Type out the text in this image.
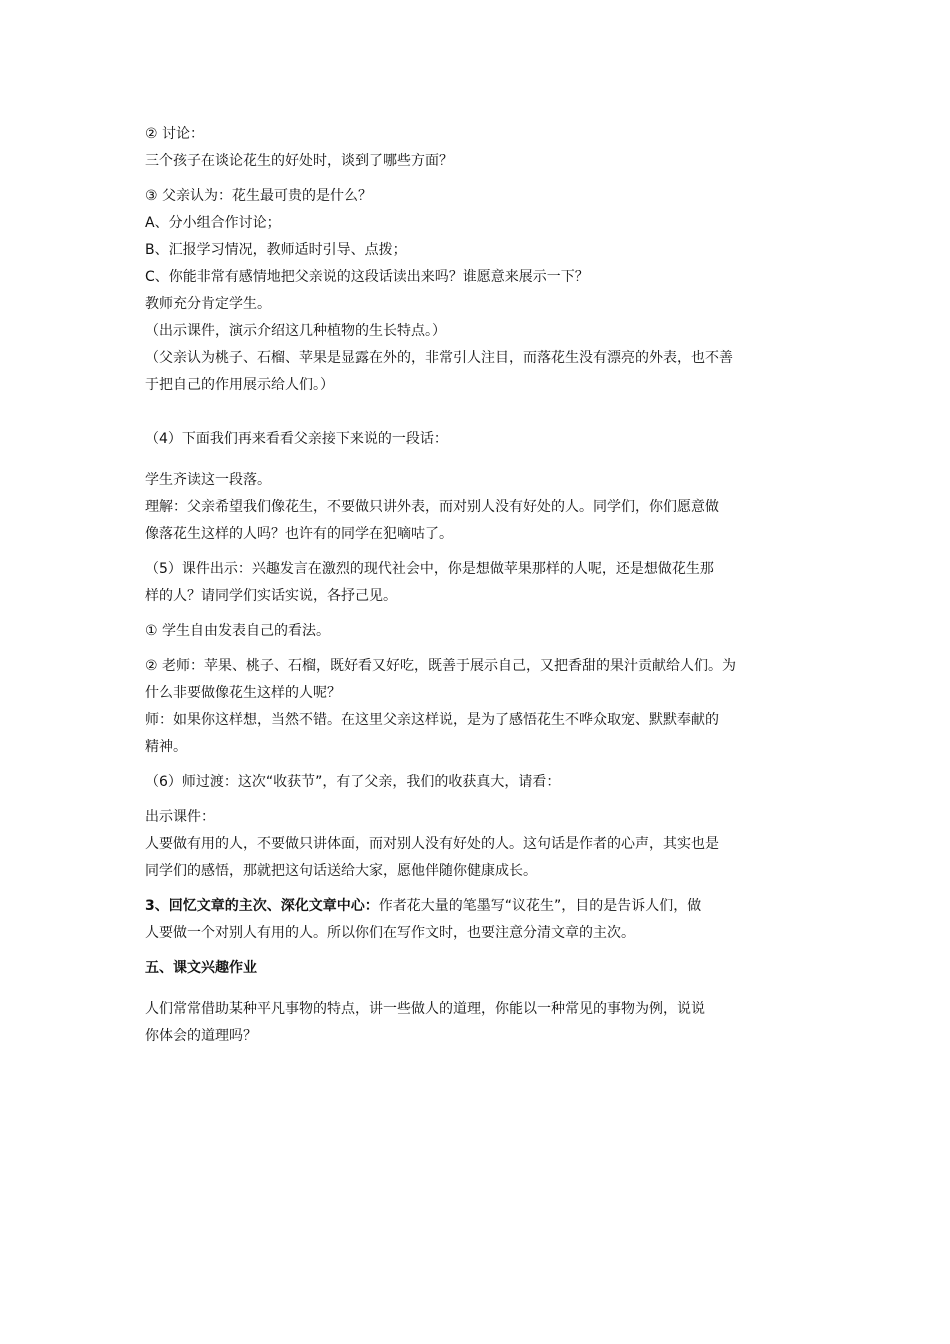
② 讨论：
三个孩子在谈论花生的好处时，谈到了哪些方面？
③ 父亲认为：花生最可贵的是什么？
A、分小组合作讨论；
B、汇报学习情况，教师适时引导、点拨；
C、你能非常有感情地把父亲说的这段话读出来吗？谁愿意来展示一下？
教师充分肯定学生。
（出示课件，演示介绍这几种植物的生长特点。）
（父亲认为桃子、石榴、苹果是显露在外的，非常引人注目，而落花生没有漂亮的外表，也不善
于把自己的作用展示给人们。）
（4）下面我们再来看看父亲接下来说的一段话：
学生齐读这一段落。
理解：父亲希望我们像花生，不要做只讲外表，而对别人没有好处的人。同学们，你们愿意做
像落花生这样的人吗？也许有的同学在犯嘀咕了。
（5）课件出示：兴趣发言在激烈的现代社会中，你是想做苹果那样的人呢，还是想做花生那
样的人？请同学们实话实说，各抒己见。
① 学生自由发表自己的看法。
② 老师：苹果、桃子、石榴，既好看又好吃，既善于展示自己，又把香甜的果汁贡献给人们。为
什么非要做像花生这样的人呢？
师：如果你这样想，当然不错。在这里父亲这样说，是为了感悟花生不哗众取宠、默默奉献的
精神。
（6）师过渡：这次“收获节”，有了父亲，我们的收获真大，请看：
出示课件：
人要做有用的人，不要做只讲体面，而对别人没有好处的人。这句话是作者的心声，其实也是
同学们的感悟，那就把这句话送给大家，愿他伴随你健康成长。
3、回忆文章的主次、深化文章中心：作者花大量的笔墨写“议花生”，目的是告诉人们，做
人要做一个对别人有用的人。所以你们在写作文时，也要注意分清文章的主次。
五、课文兴趣作业
人们常常借助某种平凡事物的特点，讲一些做人的道理，你能以一种常见的事物为例，说说
你体会的道理吗？
